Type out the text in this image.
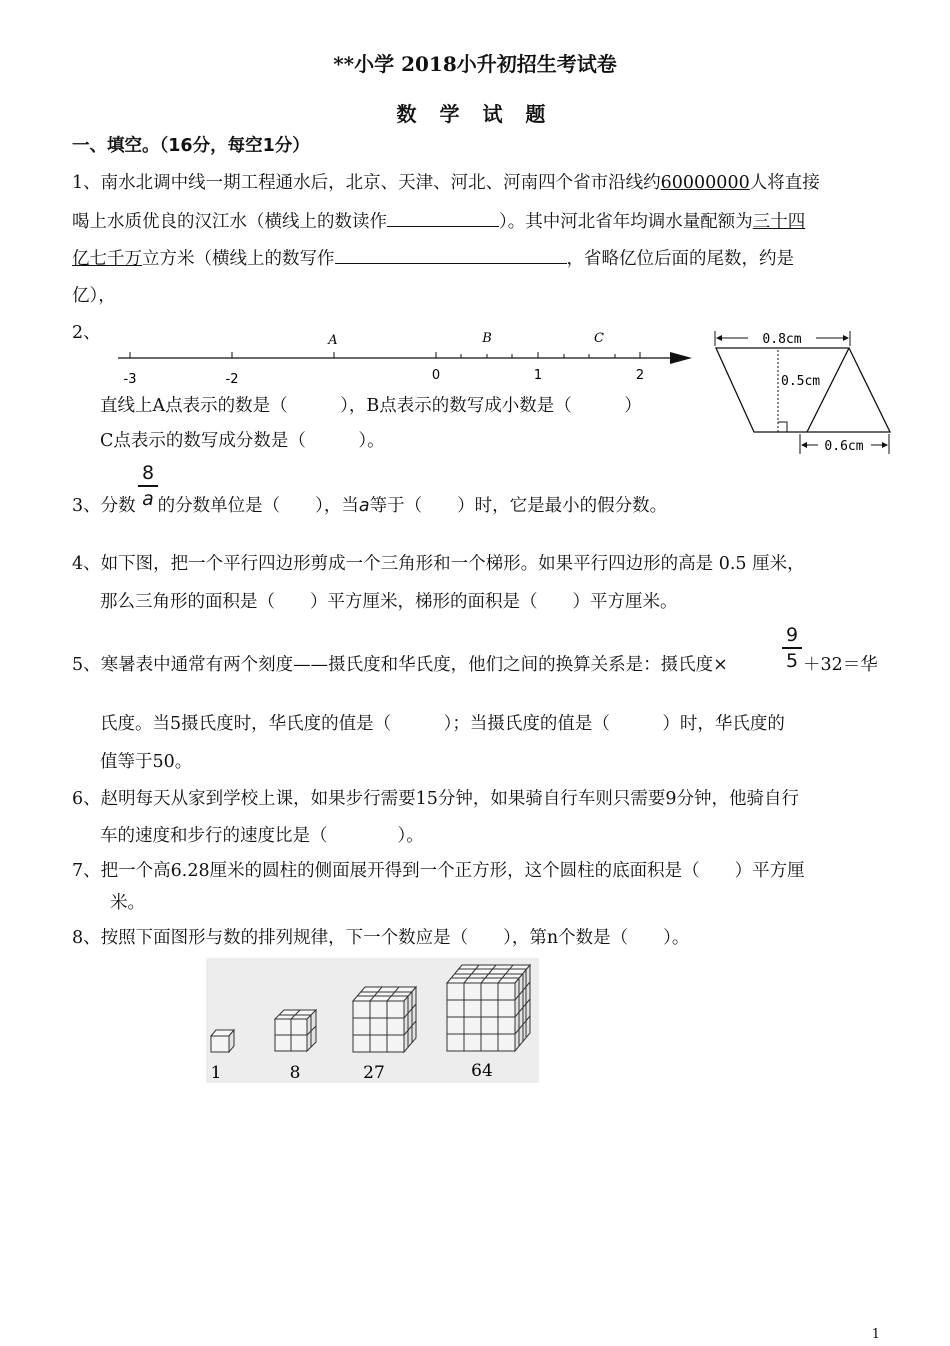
**小学 2018小升初招生考试卷
数 学 试 题
一、填空。（16分，每空1分）
1、南水北调中线一期工程通水后，北京、天津、河北、河南四个省市沿线约60000000人将直接
喝上水质优良的汉江水（横线上的数读作	）。其中河北省年均调水量配额为三十四
亿七千万立方米（横线上的数写作	，省略亿位后面的尾数，约是
亿），
2、
-3	-2	0	1	2
A	B	C	0.8cm
0.5cm
0.6cm
直线上A点表示的数是（　　　），B点表示的数写成小数是（　　　）
C点表示的数写成分数是（　　　）。
8
a
3、分数 的分数单位是（　　），当a等于（　　）时，它是最小的假分数。
4、如下图，把一个平行四边形剪成一个三角形和一个梯形。如果平行四边形的高是 0.5 厘米，
那么三角形的面积是（　　）平方厘米，梯形的面积是（　　）平方厘米。
9
5
5、寒暑表中通常有两个刻度——摄氏度和华氏度，他们之间的换算关系是：摄氏度×	＋32＝华
氏度。当5摄氏度时，华氏度的值是（　　　）；当摄氏度的值是（　　　）时，华氏度的
值等于50。
6、赵明每天从家到学校上课，如果步行需要15分钟，如果骑自行车则只需要9分钟，他骑自行
车的速度和步行的速度比是（　　　　）。
7、把一个高6.28厘米的圆柱的侧面展开得到一个正方形，这个圆柱的底面积是（　　）平方厘
米。
8、按照下面图形与数的排列规律，下一个数应是（　　），第n个数是（　　）。
1	8	27	64
1
